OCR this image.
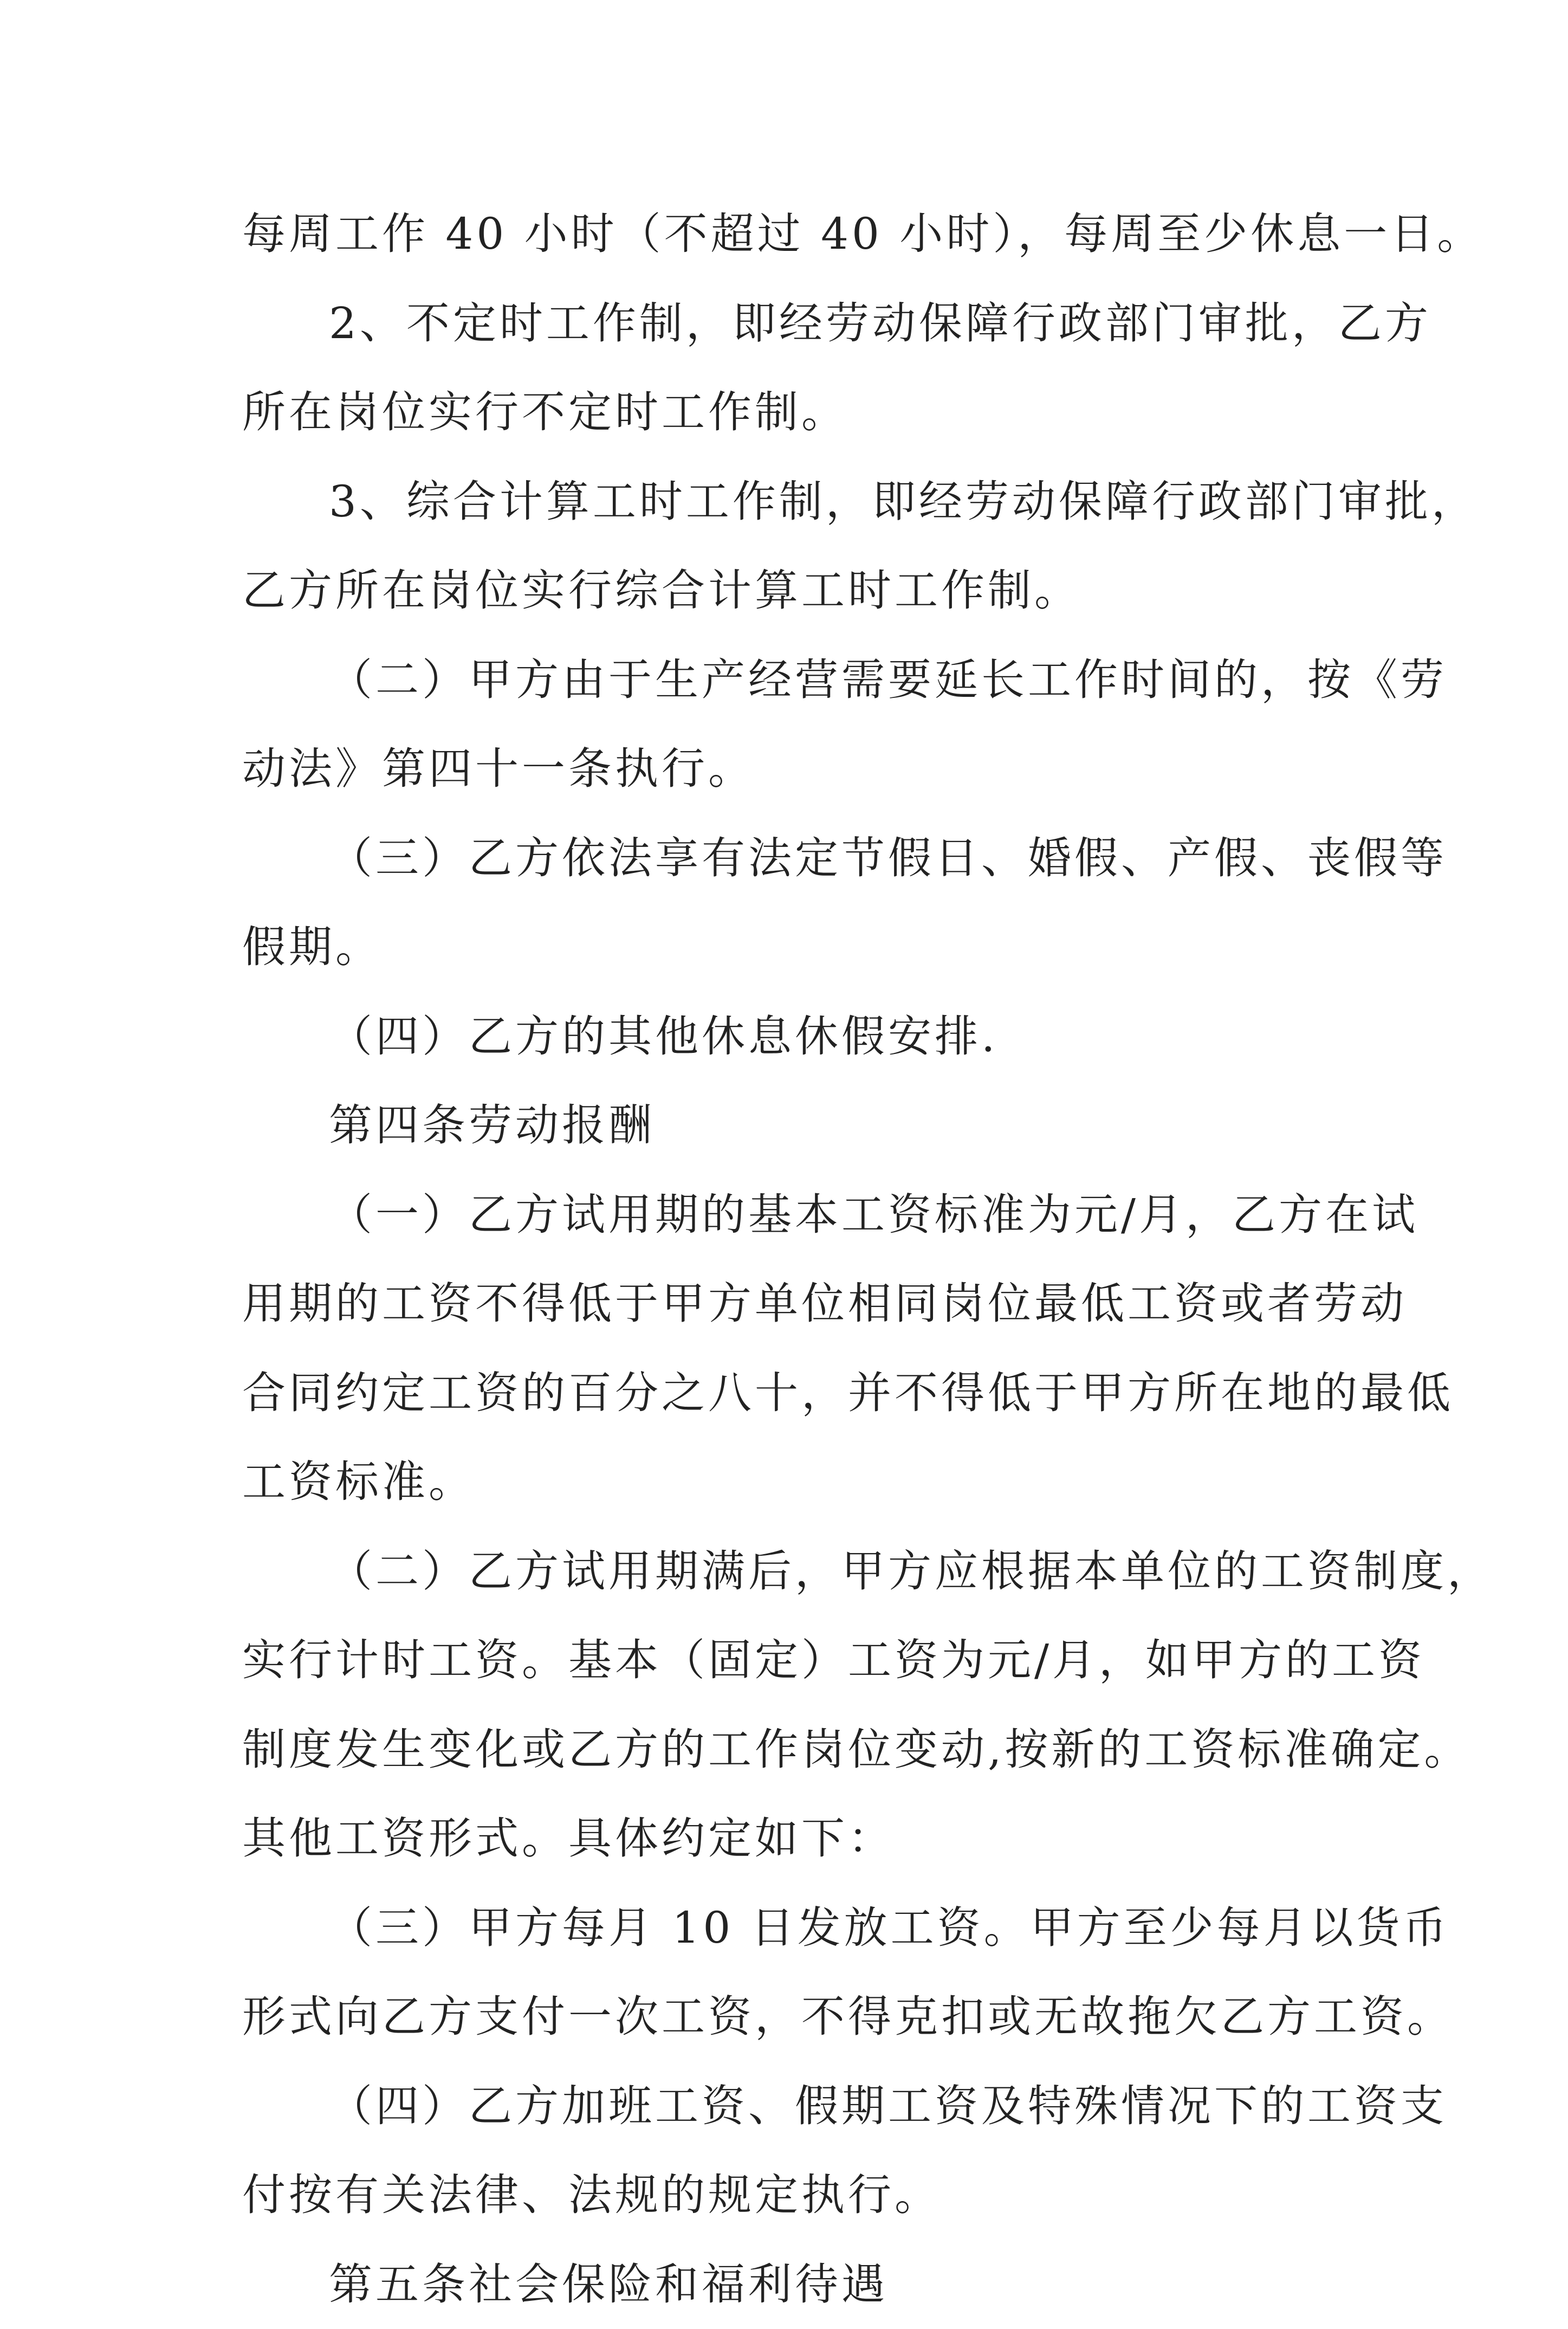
每周工作 40 小时（不超过 40 小时），每周至少休息一日。
2、不定时工作制，即经劳动保障行政部门审批，乙方
所在岗位实行不定时工作制。
3、综合计算工时工作制，即经劳动保障行政部门审批，
乙方所在岗位实行综合计算工时工作制。
（二）甲方由于生产经营需要延长工作时间的，按《劳
动法》第四十一条执行。
（三）乙方依法享有法定节假日、婚假、产假、丧假等
假期。
（四）乙方的其他休息休假安排.
第四条劳动报酬
（一）乙方试用期的基本工资标准为元/月，乙方在试
用期的工资不得低于甲方单位相同岗位最低工资或者劳动
合同约定工资的百分之八十，并不得低于甲方所在地的最低
工资标准。
（二）乙方试用期满后，甲方应根据本单位的工资制度，
实行计时工资。基本（固定）工资为元/月，如甲方的工资
制度发生变化或乙方的工作岗位变动,按新的工资标准确定。
其他工资形式。具体约定如下：
（三）甲方每月 10 日发放工资。甲方至少每月以货币
形式向乙方支付一次工资，不得克扣或无故拖欠乙方工资。
（四）乙方加班工资、假期工资及特殊情况下的工资支
付按有关法律、法规的规定执行。
第五条社会保险和福利待遇
